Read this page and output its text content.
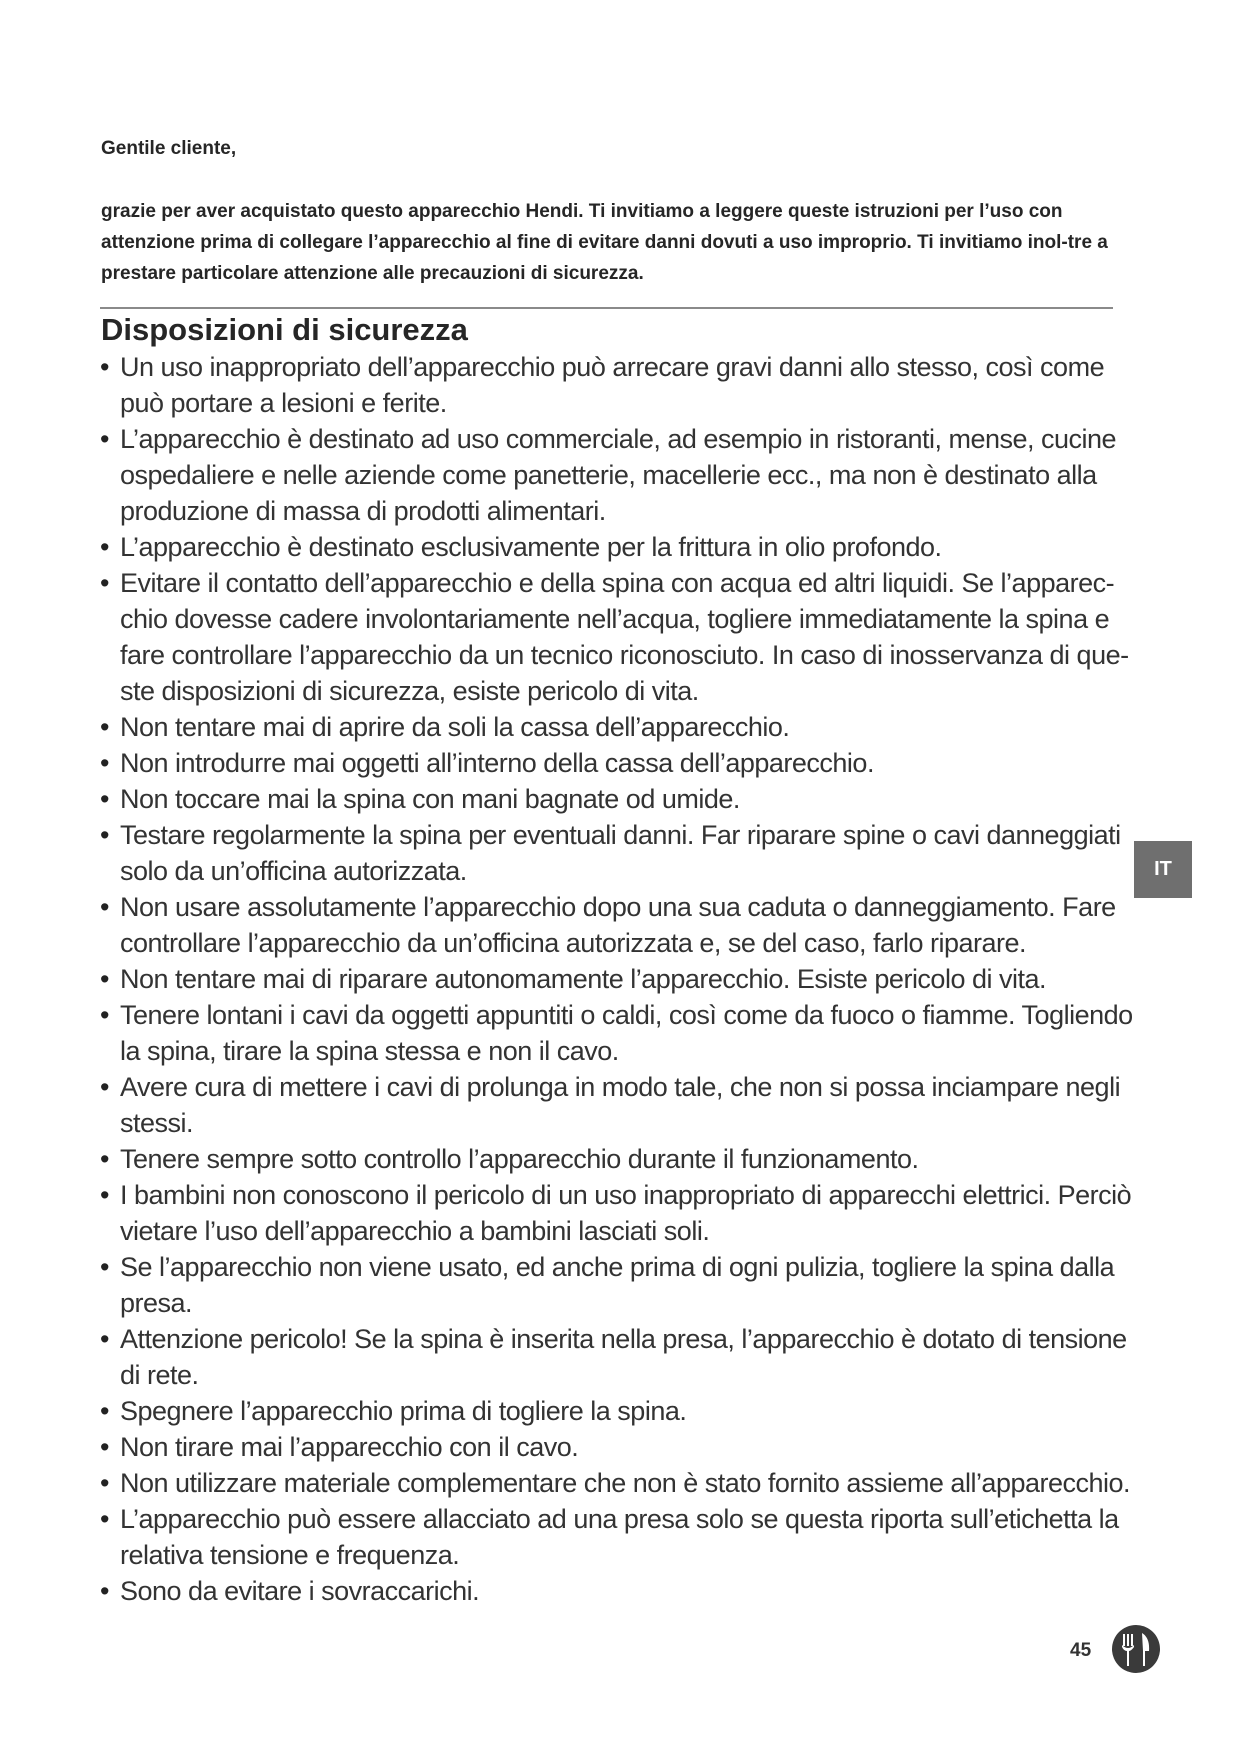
Gentile cliente,
grazie per aver acquistato questo apparecchio Hendi. Ti invitiamo a leggere queste istruzioni per l’uso con attenzione prima di collegare l’apparecchio al fine di evitare danni dovuti a uso improprio. Ti invitiamo inol-tre a prestare particolare attenzione alle precauzioni di sicurezza.
Disposizioni di sicurezza
• Un uso inappropriato dell’apparecchio può arrecare gravi danni allo stesso, così come può portare a lesioni e ferite.
• L’apparecchio è destinato ad uso commerciale, ad esempio in ristoranti, mense, cucine ospedaliere e nelle aziende come panetterie, macellerie ecc., ma non è destinato alla produzione di massa di prodotti alimentari.
• L’apparecchio è destinato esclusivamente per la frittura in olio profondo.
• Evitare il contatto dell’apparecchio e della spina con acqua ed altri liquidi. Se l’apparec-chio dovesse cadere involontariamente nell’acqua, togliere immediatamente la spina e fare controllare l’apparecchio da un tecnico riconosciuto. In caso di inosservanza di que-ste disposizioni di sicurezza, esiste pericolo di vita.
• Non tentare mai di aprire da soli la cassa dell’apparecchio.
• Non introdurre mai oggetti all’interno della cassa dell’apparecchio.
• Non toccare mai la spina con mani bagnate od umide.
• Testare regolarmente la spina per eventuali danni. Far riparare spine o cavi danneggiati solo da un’officina autorizzata.
• Non usare assolutamente l’apparecchio dopo una sua caduta o danneggiamento. Fare controllare l’apparecchio da un’officina autorizzata e, se del caso, farlo riparare.
• Non tentare mai di riparare autonomamente l’apparecchio. Esiste pericolo di vita.
• Tenere lontani i cavi da oggetti appuntiti o caldi, così come da fuoco o fiamme. Togliendo la spina, tirare la spina stessa e non il cavo.
• Avere cura di mettere i cavi di prolunga in modo tale, che non si possa inciampare negli stessi.
• Tenere sempre sotto controllo l’apparecchio durante il funzionamento.
• I bambini non conoscono il pericolo di un uso inappropriato di apparecchi elettrici. Perciò vietare l’uso dell’apparecchio a bambini lasciati soli.
• Se l’apparecchio non viene usato, ed anche prima di ogni pulizia, togliere la spina dalla presa.
• Attenzione pericolo! Se la spina è inserita nella presa, l’apparecchio è dotato di tensione di rete.
• Spegnere l’apparecchio prima di togliere la spina.
• Non tirare mai l’apparecchio con il cavo.
• Non utilizzare materiale complementare che non è stato fornito assieme all’apparecchio.
• L’apparecchio può essere allacciato ad una presa solo se questa riporta sull’etichetta la relativa tensione e frequenza.
• Sono da evitare i sovraccarichi.
IT
45
